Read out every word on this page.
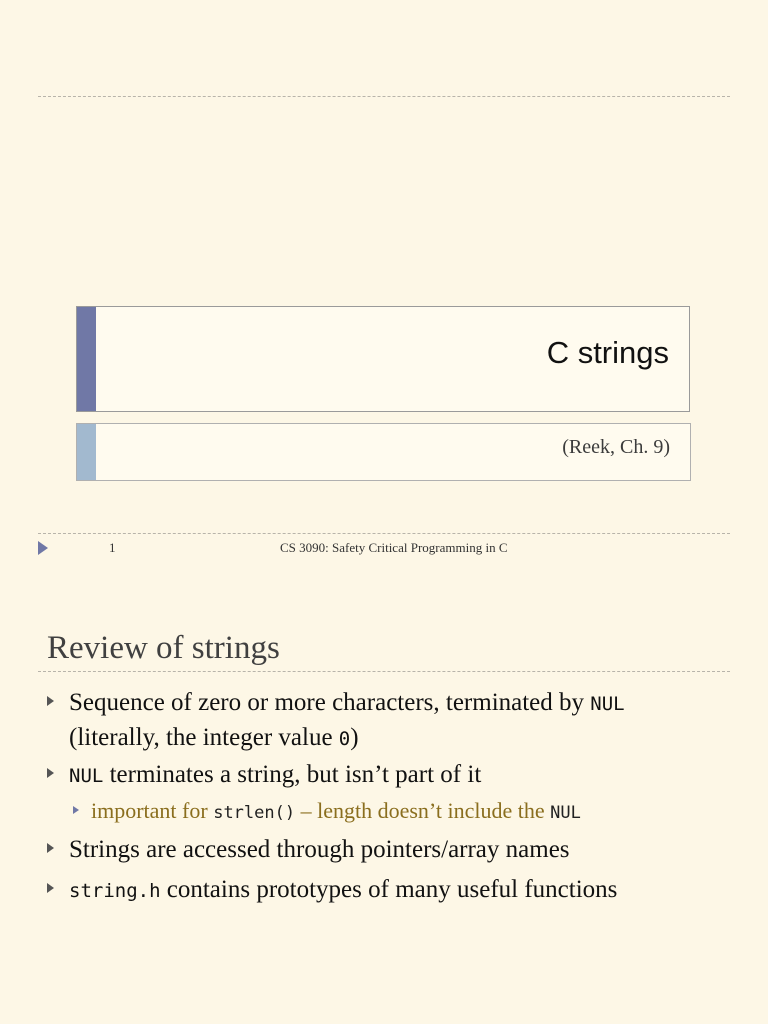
C strings
(Reek, Ch. 9)
1	CS 3090: Safety Critical Programming in C
Review of strings
Sequence of zero or more characters, terminated by NUL
(literally, the integer value 0)
NUL terminates a string, but isn’t part of it
important for strlen() – length doesn’t include the NUL
Strings are accessed through pointers/array names
string.h contains prototypes of many useful functions
